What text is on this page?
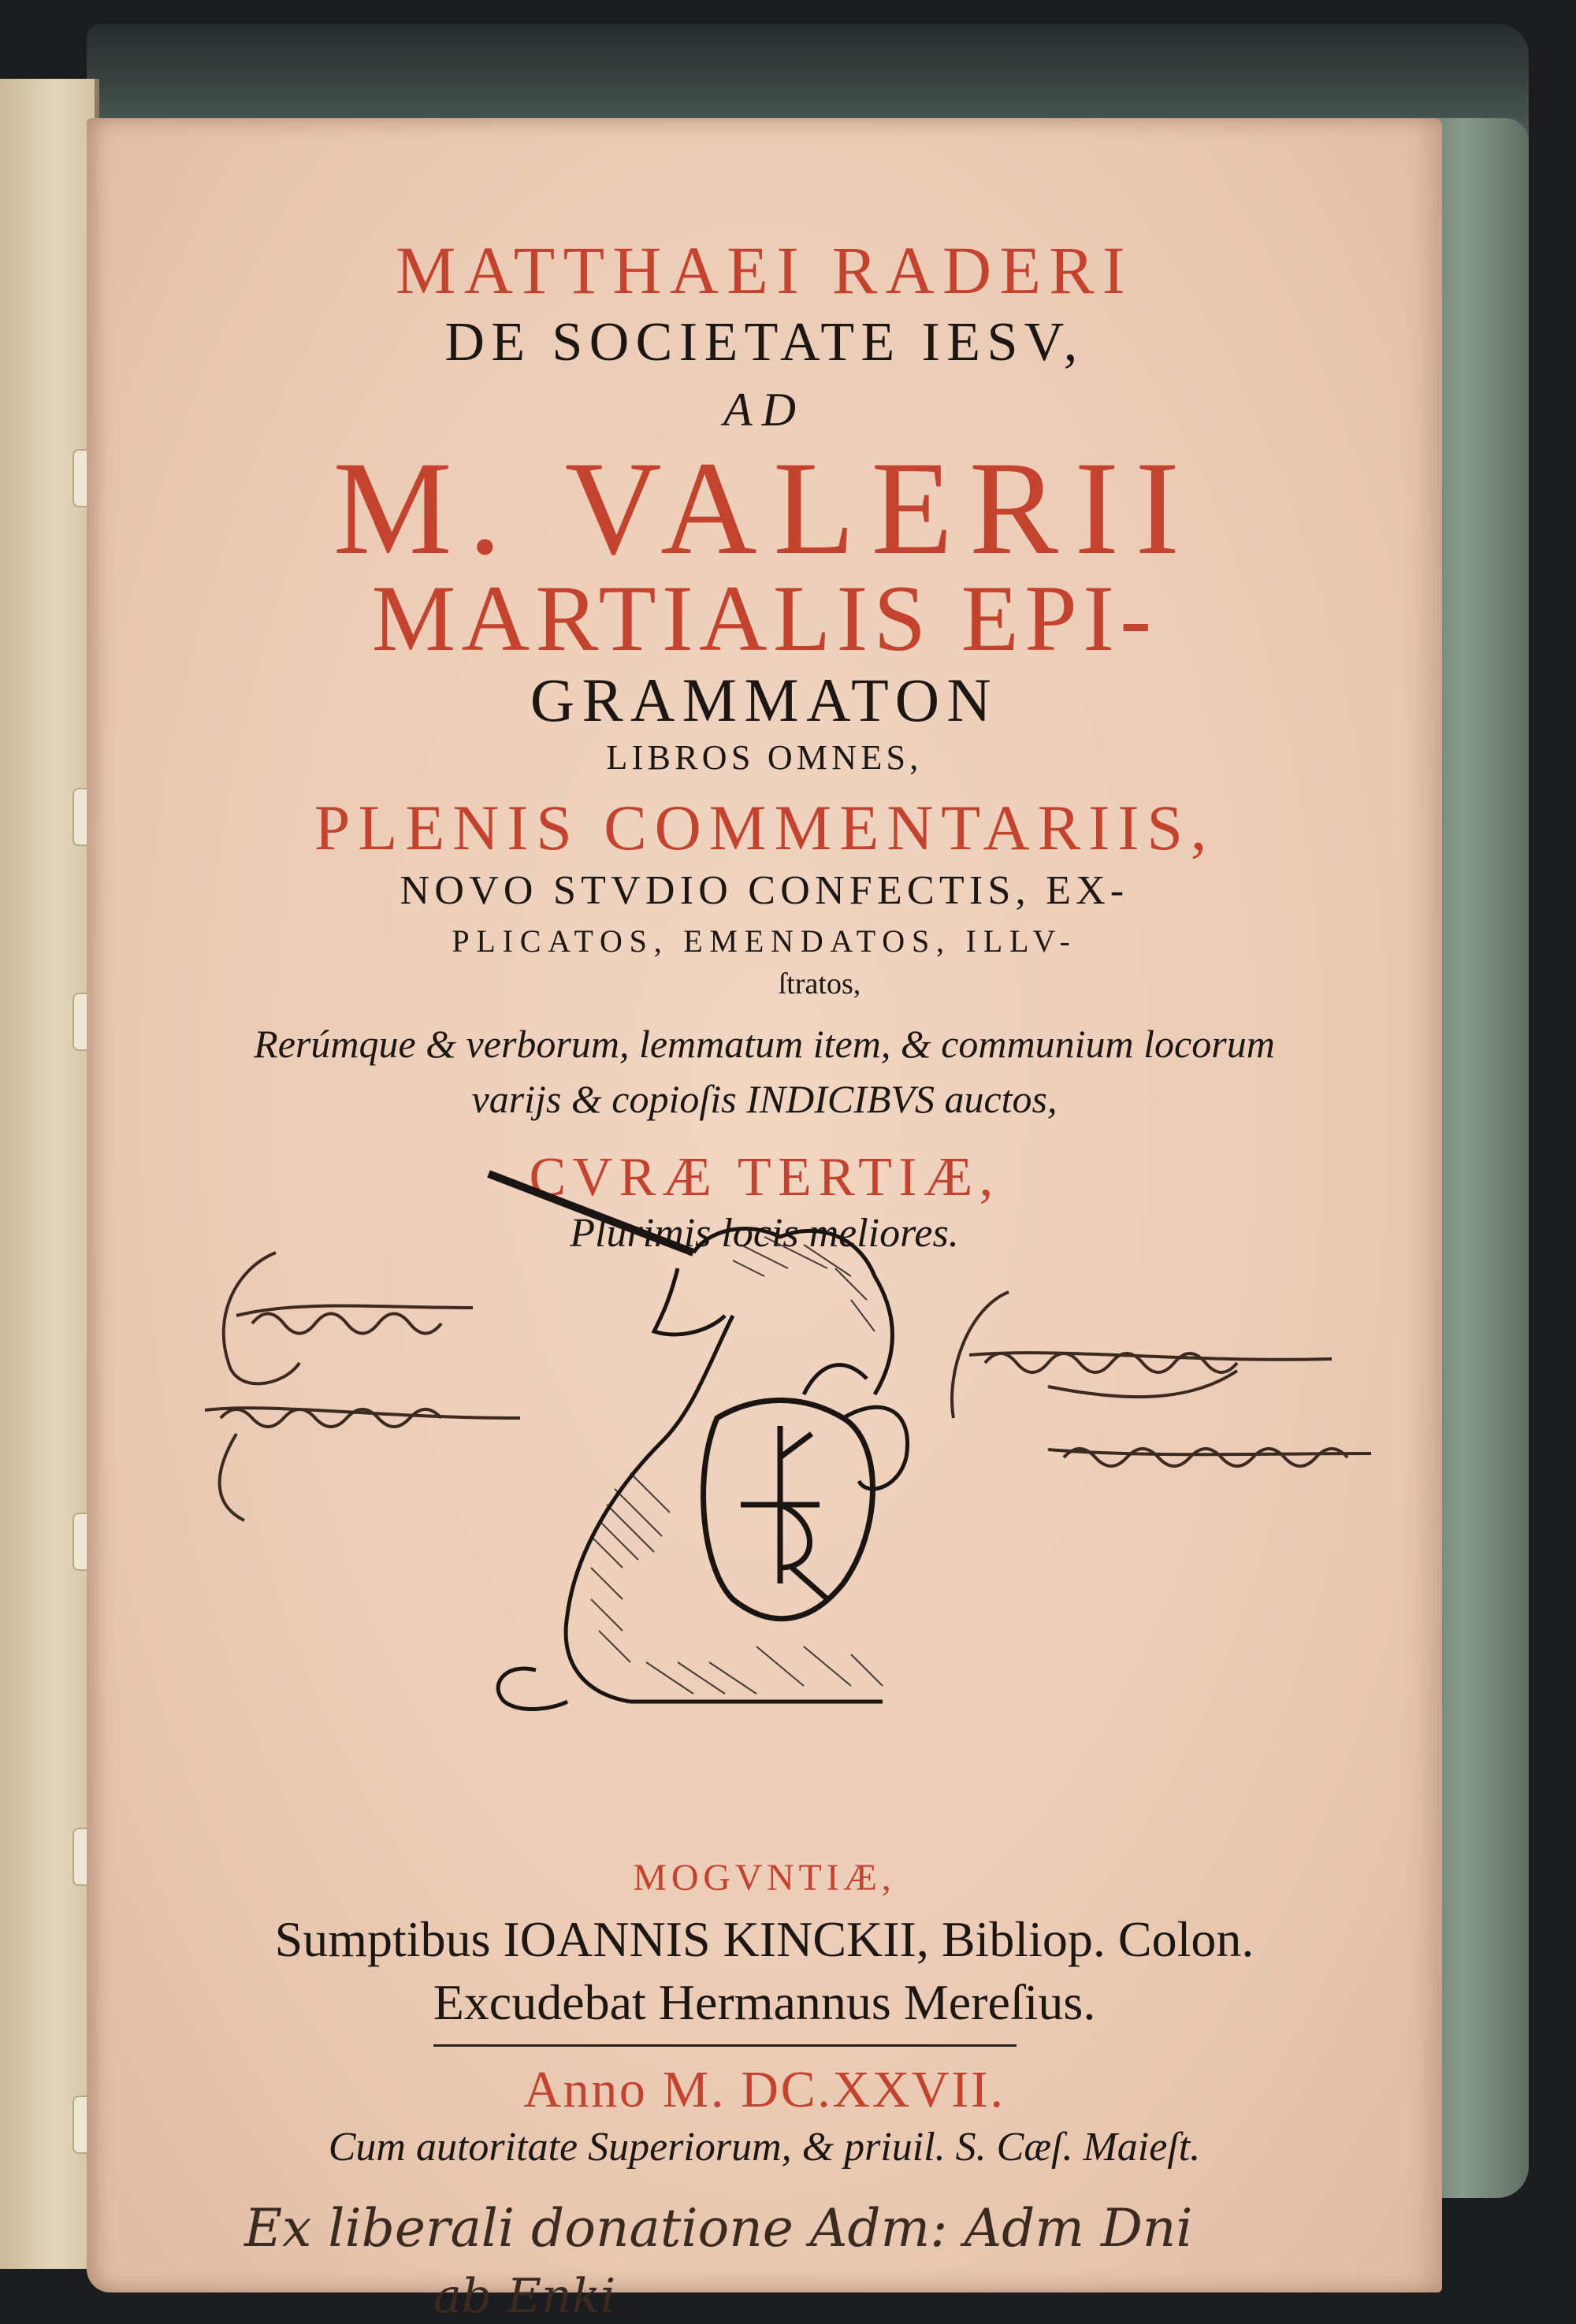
MATTHAEI RADERI
DE SOCIETATE IESV,
AD
M. VALERII
MARTIALIS EPI-
GRAMMATON
LIBROS OMNES,
PLENIS COMMENTARIIS,
NOVO STVDIO CONFECTIS, EX-
PLICATOS, EMENDATOS, ILLV-
ſtratos,
Rerúmque & verborum, lemmatum item, & communium locorum
varijs & copioſis INDICIBVS auctos,
CVRÆ TERTIÆ,
Plurimis locis meliores.
MOGVNTIÆ,
Sumptibus IOANNIS KINCKII, Bibliop. Colon.
Excudebat Hermannus Mereſius.
Anno M. DC.XXVII.
Cum autoritate Superiorum, & priuil. S. Cæſ. Maieſt.
Ex liberali donatione Adm: Adm Dni
ab Enki
